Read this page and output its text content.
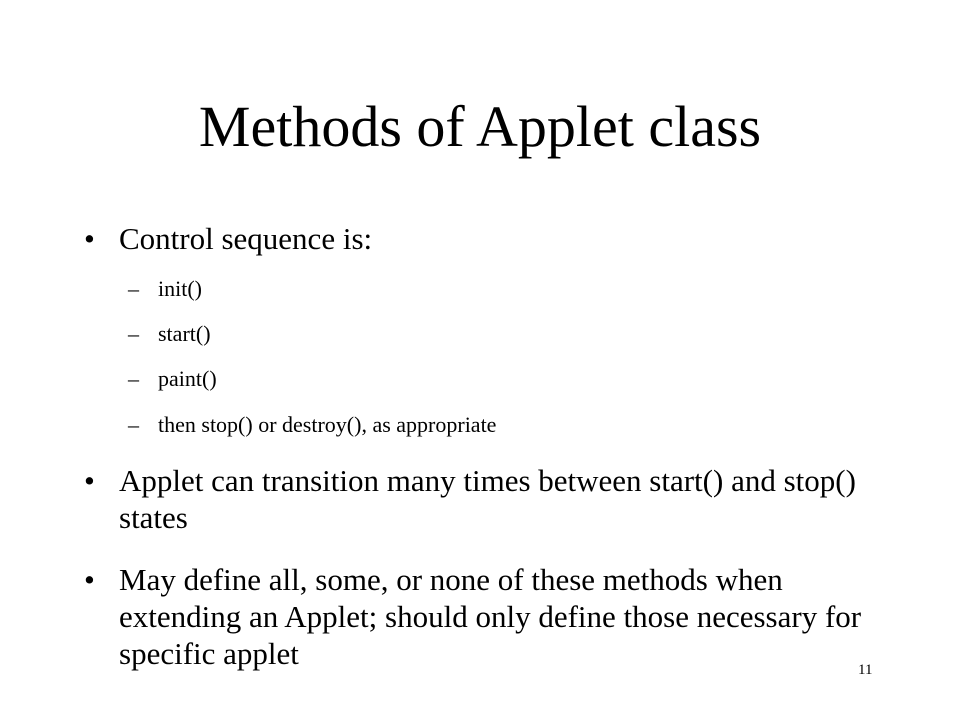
Methods of Applet class
• Control sequence is:
– init()
– start()
– paint()
– then stop() or destroy(), as appropriate
• Applet can transition many times between start() and stop() states
• May define all, some, or none of these methods when extending an Applet; should only define those necessary for specific applet	11
